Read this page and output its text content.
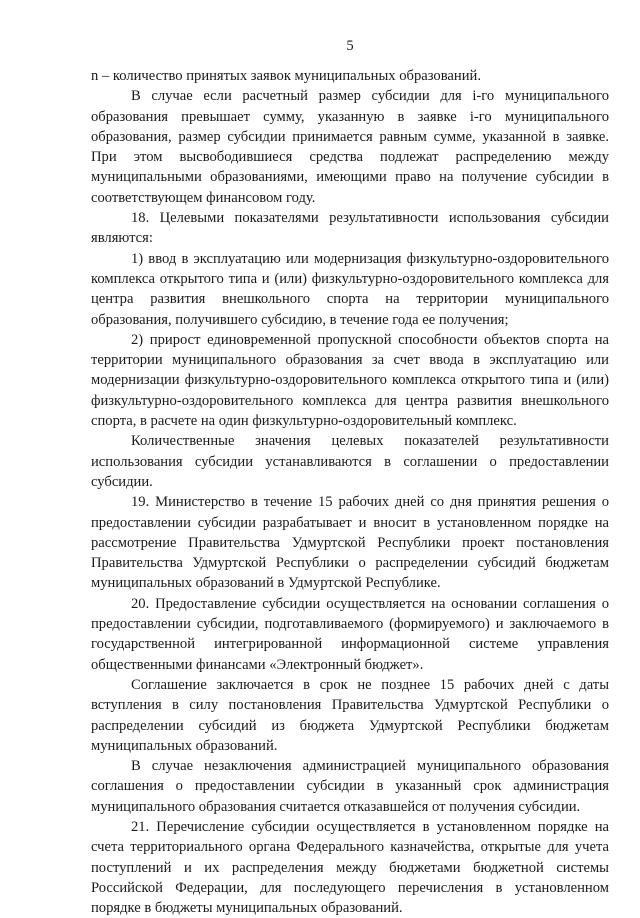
5

n – количество принятых заявок муниципальных образований.

В случае если расчетный размер субсидии для i-го муниципального образования превышает сумму, указанную в заявке i-го муниципального образования, размер субсидии принимается равным сумме, указанной в заявке. При этом высвободившиеся средства подлежат распределению между муниципальными образованиями, имеющими право на получение субсидии в соответствующем финансовом году.

18. Целевыми показателями результативности использования субсидии являются:

1) ввод в эксплуатацию или модернизация физкультурно-оздоровительного комплекса открытого типа и (или) физкультурно-оздоровительного комплекса для центра развития внешкольного спорта на территории муниципального образования, получившего субсидию, в течение года ее получения;

2) прирост единовременной пропускной способности объектов спорта на территории муниципального образования за счет ввода в эксплуатацию или модернизации физкультурно-оздоровительного комплекса открытого типа и (или) физкультурно-оздоровительного комплекса для центра развития внешкольного спорта, в расчете на один физкультурно-оздоровительный комплекс.

Количественные значения целевых показателей результативности использования субсидии устанавливаются в соглашении о предоставлении субсидии.

19. Министерство в течение 15 рабочих дней со дня принятия решения о предоставлении субсидии разрабатывает и вносит в установленном порядке на рассмотрение Правительства Удмуртской Республики проект постановления Правительства Удмуртской Республики о распределении субсидий бюджетам муниципальных образований в Удмуртской Республике.

20. Предоставление субсидии осуществляется на основании соглашения о предоставлении субсидии, подготавливаемого (формируемого) и заключаемого в государственной интегрированной информационной системе управления общественными финансами «Электронный бюджет».

Соглашение заключается в срок не позднее 15 рабочих дней с даты вступления в силу постановления Правительства Удмуртской Республики о распределении субсидий из бюджета Удмуртской Республики бюджетам муниципальных образований.

В случае незаключения администрацией муниципального образования соглашения о предоставлении субсидии в указанный срок администрация муниципального образования считается отказавшейся от получения субсидии.

21. Перечисление субсидии осуществляется в установленном порядке на счета территориального органа Федерального казначейства, открытые для учета поступлений и их распределения между бюджетами бюджетной системы Российской Федерации, для последующего перечисления в установленном порядке в бюджеты муниципальных образований.
